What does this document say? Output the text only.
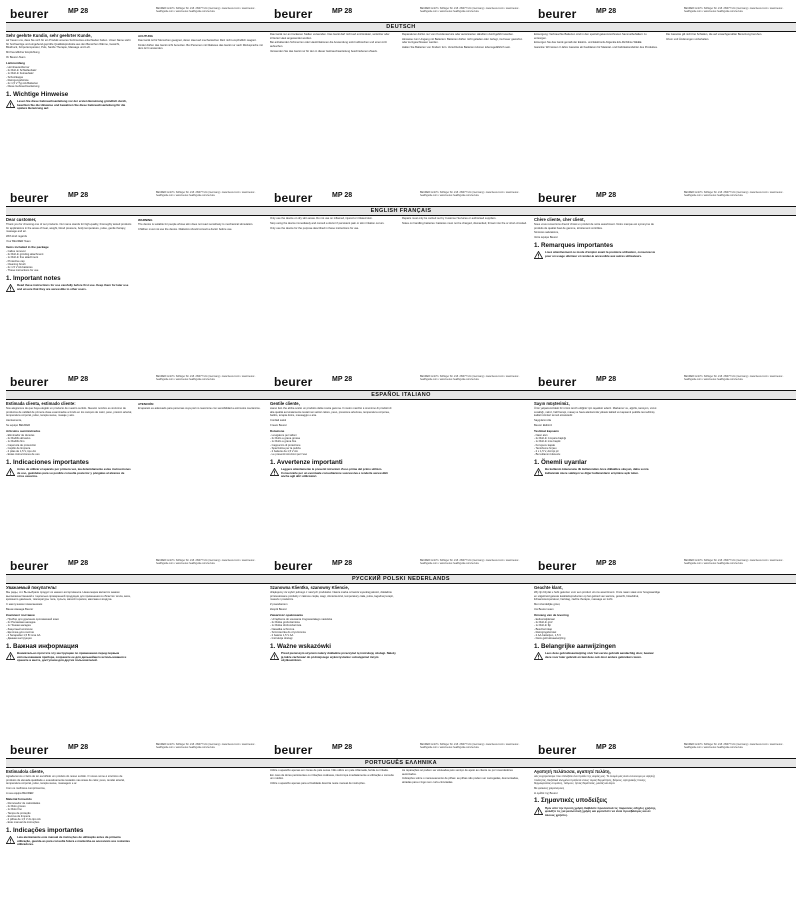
beurer	MP 28	BEURER GmbH • Söflinger Str. 218 • 89077 Ulm (Germany) • www.beurer.com • www.beurer-healthguide.com • www.beurer-healthguide.com/service	beurer	MP 28	BEURER GmbH • Söflinger Str. 218 • 89077 Ulm (Germany) • www.beurer.com • www.beurer-healthguide.com • www.beurer-healthguide.com/service	beurer	MP 28	BEURER GmbH • Söflinger Str. 218 • 89077 Ulm (Germany) • www.beurer.com • www.beurer-healthguide.com • www.beurer-healthguide.com/service
DEUTSCH
Sehr geehrte Kundin, sehr geehrter Kunde,

wir freuen uns, dass Sie sich für ein Produkt unseres Sortimentes entschieden haben. Unser Name steht für hochwertige und eingehend geprüfte Qualitätsprodukte aus den Bereichen Wärme, Gewicht, Blutdruck, Körpertemperatur, Puls, Sanfte Therapie, Massage und Luft.

Mit freundlicher Empfehlung

Ihr Beurer-Team

Lieferumfang

- Hornhautentferner

- 2x Roll-In Schleifaufsatz

- 1x Roll-In Feinaufsatz

- Schutzkappe

- Reinigungsbürste

- 2x 1,5 V Typ AA Batterien

- Diese Gebrauchsanleitung

1. Wichtige Hinweise

Lesen Sie diese Gebrauchsanleitung vor der ersten Benutzung gründlich durch, beachten Sie die Hinweise und bewahren Sie diese Gebrauchsanleitung für die spätere Benutzung auf.

ACHTUNG

Das Gerät ist für Menschen geeignet, deren Haut auf mechanischen Reiz nicht empfindlich reagiert.

Kinder dürfen das Gerät nicht benutzen. Bei Personen mit Diabetes das Gerät nur nach Rücksprache mit dem Arzt verwenden.

Das Gerät nur an trockenen Stellen verwenden. Das Gerät darf nicht auf entzündeter, verletzter oder irritierter Haut angewendet werden.

Bei anhaltenden Schmerzen oder Hautirritationen die Anwendung sofort abbrechen und einen Arzt aufsuchen.

Verwenden Sie das Gerät nur für den in dieser Gebrauchsanleitung beschriebenen Zweck.

Reparaturen dürfen nur vom Kundenservice oder autorisierten Händlern durchgeführt werden.

Hinweise zum Umgang mit Batterien: Batterien dürfen nicht geladen oder zerlegt, ins Feuer geworfen oder kurzgeschlossen werden.

Halten Sie Batterien von Kindern fern. Verschluckte Batterien können lebensgefährlich sein.

Entsorgung: Verbrauchte Batterien sind in den speziell gekennzeichneten Sammelbehältern zu entsorgen.

Entsorgen Sie das Gerät gemäß der Elektro- und Elektronik Altgeräte EG-Richtlinie WEEE.

Garantie: Wir leisten 3 Jahre Garantie ab Kaufdatum für Material- und Fabrikationsfehler des Produktes.

Die Garantie gilt nicht bei Schäden, die auf unsachgemäßer Benutzung beruhen.

Irrtum und Änderungen vorbehalten.

beurer	MP 28	BEURER GmbH • Söflinger Str. 218 • 89077 Ulm (Germany) • www.beurer.com • www.beurer-healthguide.com • www.beurer-healthguide.com/service	beurer	MP 28	BEURER GmbH • Söflinger Str. 218 • 89077 Ulm (Germany) • www.beurer.com • www.beurer-healthguide.com • www.beurer-healthguide.com/service	beurer	MP 28	BEURER GmbH • Söflinger Str. 218 • 89077 Ulm (Germany) • www.beurer.com • www.beurer-healthguide.com • www.beurer-healthguide.com/service
ENGLISH FRANÇAIS
Dear customer,

Thank you for choosing one of our products. Our name stands for high-quality, thoroughly tested products for applications in the areas of heat, weight, blood pressure, body temperature, pulse, gentle therapy, massage and air.

With kind regards

Your BEURER Team

Items included in the package

- Callus remover

- 2x Roll-In grinding attachment

- 1x Roll-In fine attachment

- Protective cap

- Cleaning brush

- 2x 1.5 V AA batteries

- These instructions for use

1. Important notes

Read these instructions for use carefully before first use. Keep them for later use and ensure that they are accessible to other users.

WARNING

The device is suitable for people whose skin does not react sensitively to mechanical stimulation.

Children must not use the device. Diabetics should consult a doctor before use.

Only use the device on dry skin areas. Do not use on inflamed, injured or irritated skin.

Stop using the device immediately and consult a doctor if persistent pain or skin irritation occurs.

Only use the device for the purpose described in these instructions for use.

Repairs must only be carried out by Customer Services or authorised suppliers.

Notes on handling batteries: batteries must not be charged, dismantled, thrown into fire or short-circuited.

Chère cliente, cher client,

Nous vous remercions d'avoir choisi un produit de notre assortiment. Notre marque est synonyme de produits de qualité haut de gamme, étroitement contrôlés.

Sincères salutations,

Votre équipe Beurer

1. Remarques importantes

Lisez attentivement ce mode d'emploi avant la première utilisation, conservez-le pour un usage ultérieur et rendez-le accessible aux autres utilisateurs.

beurer	MP 28	BEURER GmbH • Söflinger Str. 218 • 89077 Ulm (Germany) • www.beurer.com • www.beurer-healthguide.com • www.beurer-healthguide.com/service	beurer	MP 28	BEURER GmbH • Söflinger Str. 218 • 89077 Ulm (Germany) • www.beurer.com • www.beurer-healthguide.com • www.beurer-healthguide.com/service	beurer	MP 28	BEURER GmbH • Söflinger Str. 218 • 89077 Ulm (Germany) • www.beurer.com • www.beurer-healthguide.com • www.beurer-healthguide.com/service
ESPAÑOL ITALIANO
Estimada clienta, estimado cliente:

Nos alegramos de que haya elegido un producto de nuestro surtido. Nuestro nombre es sinónimo de productos de calidad de primera clase examinados a fondo en los campos de calor, peso, presión arterial, temperatura corporal, pulso, terapia suave, masaje y aire.

Atentamente,

Su equipo BEURER

Artículos suministrados

- Eliminador de durezas

- 2x Rodillo abrasivo

- 1x Rodillo fino

- Caperuza de protección

- Cepillo de limpieza

- 2 pilas de 1,5 V, tipo AA

- Estas instrucciones de uso

1. Indicaciones importantes

Antes de utilizar el aparato por primera vez, lea detenidamente estas instrucciones de uso, guárdelas para su posible consulta posterior y póngalas al alcance de otros usuarios.

ATENCIÓN

El aparato es adecuado para personas cuya piel no reaccione con sensibilidad a estímulos mecánicos.

Gentile cliente,

siamo lieti che abbia scelto un prodotto della nostra gamma. Il nostro marchio è sinonimo di prodotti di alta qualità accuratamente testati nei settori calore, peso, pressione arteriosa, temperatura corporea, battito, terapia dolce, massaggio e aria.

Cordiali saluti

Il team Beurer

Dotazione

- Levigatore per talloni

- 2x Rullo a grana grossa

- 1x Rullo a grana fine

- Cappuccio di protezione

- Spazzolina per la pulizia

- 2 batterie da 1,5 V AA

- Le presenti istruzioni per l'uso

1. Avvertenze importanti

Leggere attentamente le presenti istruzioni d'uso prima del primo utilizzo. Conservarle per un eventuale consultazione successiva e renderle accessibili anche agli altri utilizzatori.

Sayın müşterimiz,

Ürün yelpazemizdeki bir ürünü tercih ettiğiniz için teşekkür ederiz. Markamız ısı, ağırlık, tansiyon, vücut sıcaklığı, nabız, hafif terapi, masaj ve hava alanlarında yüksek kaliteli ve kapsamlı şekilde test edilmiş kaliteli ürünleri temsil etmektedir.

Saygılarımızla

Beurer Ekibiniz

Teslimat kapsamı

- Nasır alıcı

- 2x Roll-In zımpara başlığı

- 1x Roll-In ince başlık

- Koruyucu kapak

- Temizleme fırçası

- 2 x 1,5 V, AA tipi pil

- Bu kullanım kılavuzu

1. Önemli uyarılar

Bu kullanım kılavuzunu ilk kullanımdan önce dikkatlice okuyun, daha sonra kullanmak üzere saklayın ve diğer kullanıcıların erişimine açık tutun.

beurer	MP 28	BEURER GmbH • Söflinger Str. 218 • 89077 Ulm (Germany) • www.beurer.com • www.beurer-healthguide.com • www.beurer-healthguide.com/service	beurer	MP 28	BEURER GmbH • Söflinger Str. 218 • 89077 Ulm (Germany) • www.beurer.com • www.beurer-healthguide.com • www.beurer-healthguide.com/service	beurer	MP 28	BEURER GmbH • Söflinger Str. 218 • 89077 Ulm (Germany) • www.beurer.com • www.beurer-healthguide.com • www.beurer-healthguide.com/service
РУССКИЙ POLSKI NEDERLANDS
Уважаемый покупатель!

Мы рады, что Вы выбрали продукт из нашего ассортимента. Наша марка является знаком высококачественной и тщательно проверенной продукции для применения в областях тепла, веса, кровяного давления, температуры тела, пульса, мягкой терапии, массажа и воздуха.

С наилучшими пожеланиями

Ваша команда Beurer

Комплект поставки

- Прибор для удаления ороговевшей кожи

- 2x Роликовая насадка

- 1x Тонкая насадка

- Защитный колпачок

- Щеточка для очистки

- 2 батарейки 1,5 В типа AA

- Данная инструкция

1. Важная информация

Внимательно прочтите эту инструкцию по применению перед первым использованием прибора, сохраните ее для дальнейшего использования и храните в месте, доступном для других пользователей.

Szanowna Klientko, szanowny Kliencie,

dziękujemy za wybór jednego z naszych produktów. Nasza marka oznacza wysokiej jakości, dokładnie przetestowane produkty z zakresu ciepła, wagi, ciśnienia krwi, temperatury ciała, pulsu, łagodnej terapii, masażu i powietrza.

Z poważaniem

Zespół Beurer

Zawartość opakowania

- Urządzenie do usuwania zrogowaciałego naskórka

- 2x Rolka gruboziarnista

- 1x Rolka drobnoziarnista

- Nasadka ochronna

- Szczoteczka do czyszczenia

- 2 baterie 1,5 V AA

- Instrukcja obsługi

1. Ważne wskazówki

Przed pierwszym użyciem należy dokładnie przeczytać tę instrukcję obsługi. Należy ją także zachować do późniejszego wykorzystania i udostępniać innym użytkownikom.

Geachte klant,

Wij zijn blij dat u hebt gekozen voor een product uit ons assortiment. Onze naam staat voor hoogwaardige en uitgebreid geteste kwaliteitsproducten op het gebied van warmte, gewicht, bloeddruk, lichaamstemperatuur, hartslag, zachte therapie, massage en lucht.

Met vriendelijke groet,

Uw Beurer-team

Omvang van de levering

- Eeltverwijderaar

- 2x Roll-In grof

- 1x Roll-In fijn

- Beschermkap

- Reinigingsborstel

- 2 AA-batterijen, 1,5 V

- Deze gebruiksaanwijzing

1. Belangrijke aanwijzingen

Lees deze gebruiksaanwijzing vóór het eerste gebruik aandachtig door, bewaar deze voor later gebruik en laat deze ook door andere gebruikers lezen.

beurer	MP 28	BEURER GmbH • Söflinger Str. 218 • 89077 Ulm (Germany) • www.beurer.com • www.beurer-healthguide.com • www.beurer-healthguide.com/service	beurer	MP 28	BEURER GmbH • Söflinger Str. 218 • 89077 Ulm (Germany) • www.beurer.com • www.beurer-healthguide.com • www.beurer-healthguide.com/service	beurer	MP 28	BEURER GmbH • Söflinger Str. 218 • 89077 Ulm (Germany) • www.beurer.com • www.beurer-healthguide.com • www.beurer-healthguide.com/service
PORTUGUÊS ΕΛΛΗΝΙΚΑ
Estimado/a cliente,

Agradecemos o facto de ter escolhido um produto do nosso sortido. O nosso nome é sinónimo de produtos de elevada qualidade e exaustivamente testados nas áreas de calor, peso, tensão arterial, temperatura corporal, pulso, terapia suave, massagem e ar.

Com os melhores cumprimentos,

A sua equipa BEURER

Material fornecido

- Removedor de calosidades

- 2x Rolo grosso

- 1x Rolo fino

- Tampa de proteção

- Escova de limpeza

- 2 pilhas de 1,5 V do tipo AA

- Este manual de instruções

1. Indicações importantes

Leia atentamente este manual de instruções de utilização antes da primeira utilização, guarde-as para consulta futura e mantenha-as acessíveis aos restantes utilizadores.

Utilize o aparelho apenas em zonas de pele secas. Não utilize em pele inflamada, ferida ou irritada.

Em caso de dores persistentes ou irritações cutâneas, interrompa imediatamente a utilização e consulte um médico.

Utilize o aparelho apenas para a finalidade descrita neste manual de instruções.

As reparações só podem ser efetuadas pelo serviço de apoio ao cliente ou por revendedores autorizados.

Indicações sobre o manuseamento de pilhas: as pilhas não podem ser carregadas, desmontadas, atiradas para o fogo nem curto-circuitadas.

Αγαπητή πελάτισσα, αγαπητέ πελάτη,

σας ευχαριστούμε που επιλέξατε ένα προϊόν της σειράς μας. Το όνομά μας είναι συνώνυμο με υψηλής ποιότητας, διεξοδικά ελεγμένα προϊόντα στους τομείς θερμότητας, βάρους, αρτηριακής πίεσης, θερμοκρασίας σώματος, παλμών, ήπιας θεραπείας, μασάζ και αέρα.

Με φιλικούς χαιρετισμούς

Η ομάδα της Beurer

1. Σημαντικές υποδείξεις

Πριν από την πρώτη χρήση διαβάστε προσεκτικά τις παρούσες οδηγίες χρήσης, φυλάξτε τις για μελλοντική χρήση και φροντίστε να είναι προσβάσιμες και σε άλλους χρήστες.
